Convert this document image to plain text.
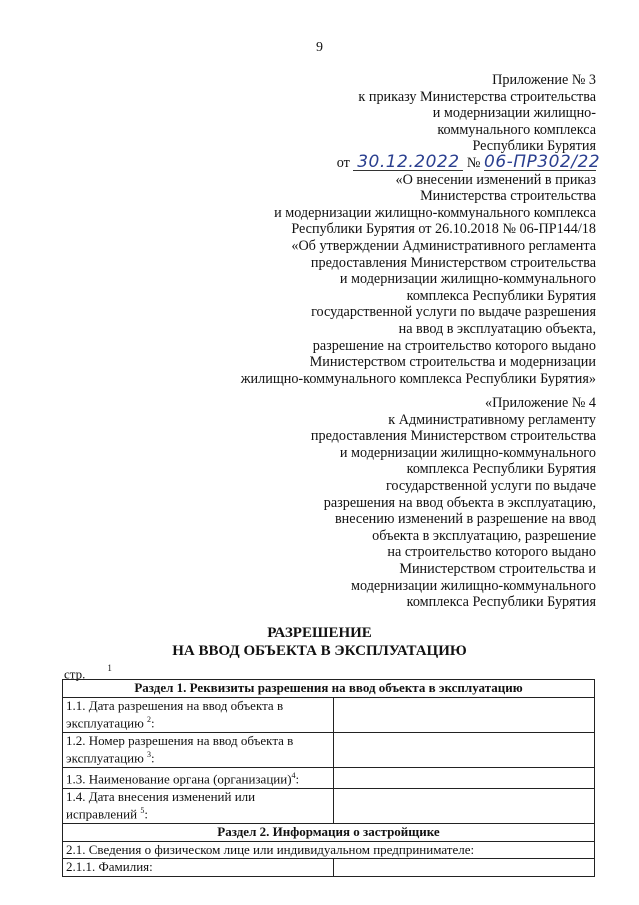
9
Приложение № 3
к приказу Министерства строительства
и модернизации жилищно-
коммунального комплекса
Республики Бурятия
от 30.12.2022 № 06-ПР302/22
«О внесении изменений в приказ
Министерства строительства
и модернизации жилищно-коммунального комплекса
Республики Бурятия от 26.10.2018 № 06-ПР144/18
«Об утверждении Административного регламента
предоставления Министерством строительства
и модернизации жилищно-коммунального
комплекса Республики Бурятия
государственной услуги по выдаче разрешения
на ввод в эксплуатацию объекта,
разрешение на строительство которого выдано
Министерством строительства и модернизации
жилищно-коммунального комплекса Республики Бурятия»
«Приложение № 4
к Административному регламенту
предоставления Министерством строительства
и модернизации жилищно-коммунального
комплекса Республики Бурятия
государственной услуги по выдаче
разрешения на ввод объекта в эксплуатацию,
внесению изменений в разрешение на ввод
объекта в эксплуатацию, разрешение
на строительство которого выдано
Министерством строительства и
модернизации жилищно-коммунального
комплекса Республики Бурятия
РАЗРЕШЕНИЕ
НА ВВОД ОБЪЕКТА В ЭКСПЛУАТАЦИЮ
стр. $^1$
Раздел 1. Реквизиты разрешения на ввод объекта в эксплуатацию	
1.1. Дата разрешения на ввод объекта в
эксплуатацию $^2$:	
1.2. Номер разрешения на ввод объекта в
эксплуатацию $^3$:	
1.3. Наименование органа (организации)$^4$:	
1.4. Дата внесения изменений или
исправлений $^5$:	
Раздел 2. Информация о застройщике	
2.1. Сведения о физическом лице или индивидуальном предпринимателе:	
2.1.1. Фамилия:	
